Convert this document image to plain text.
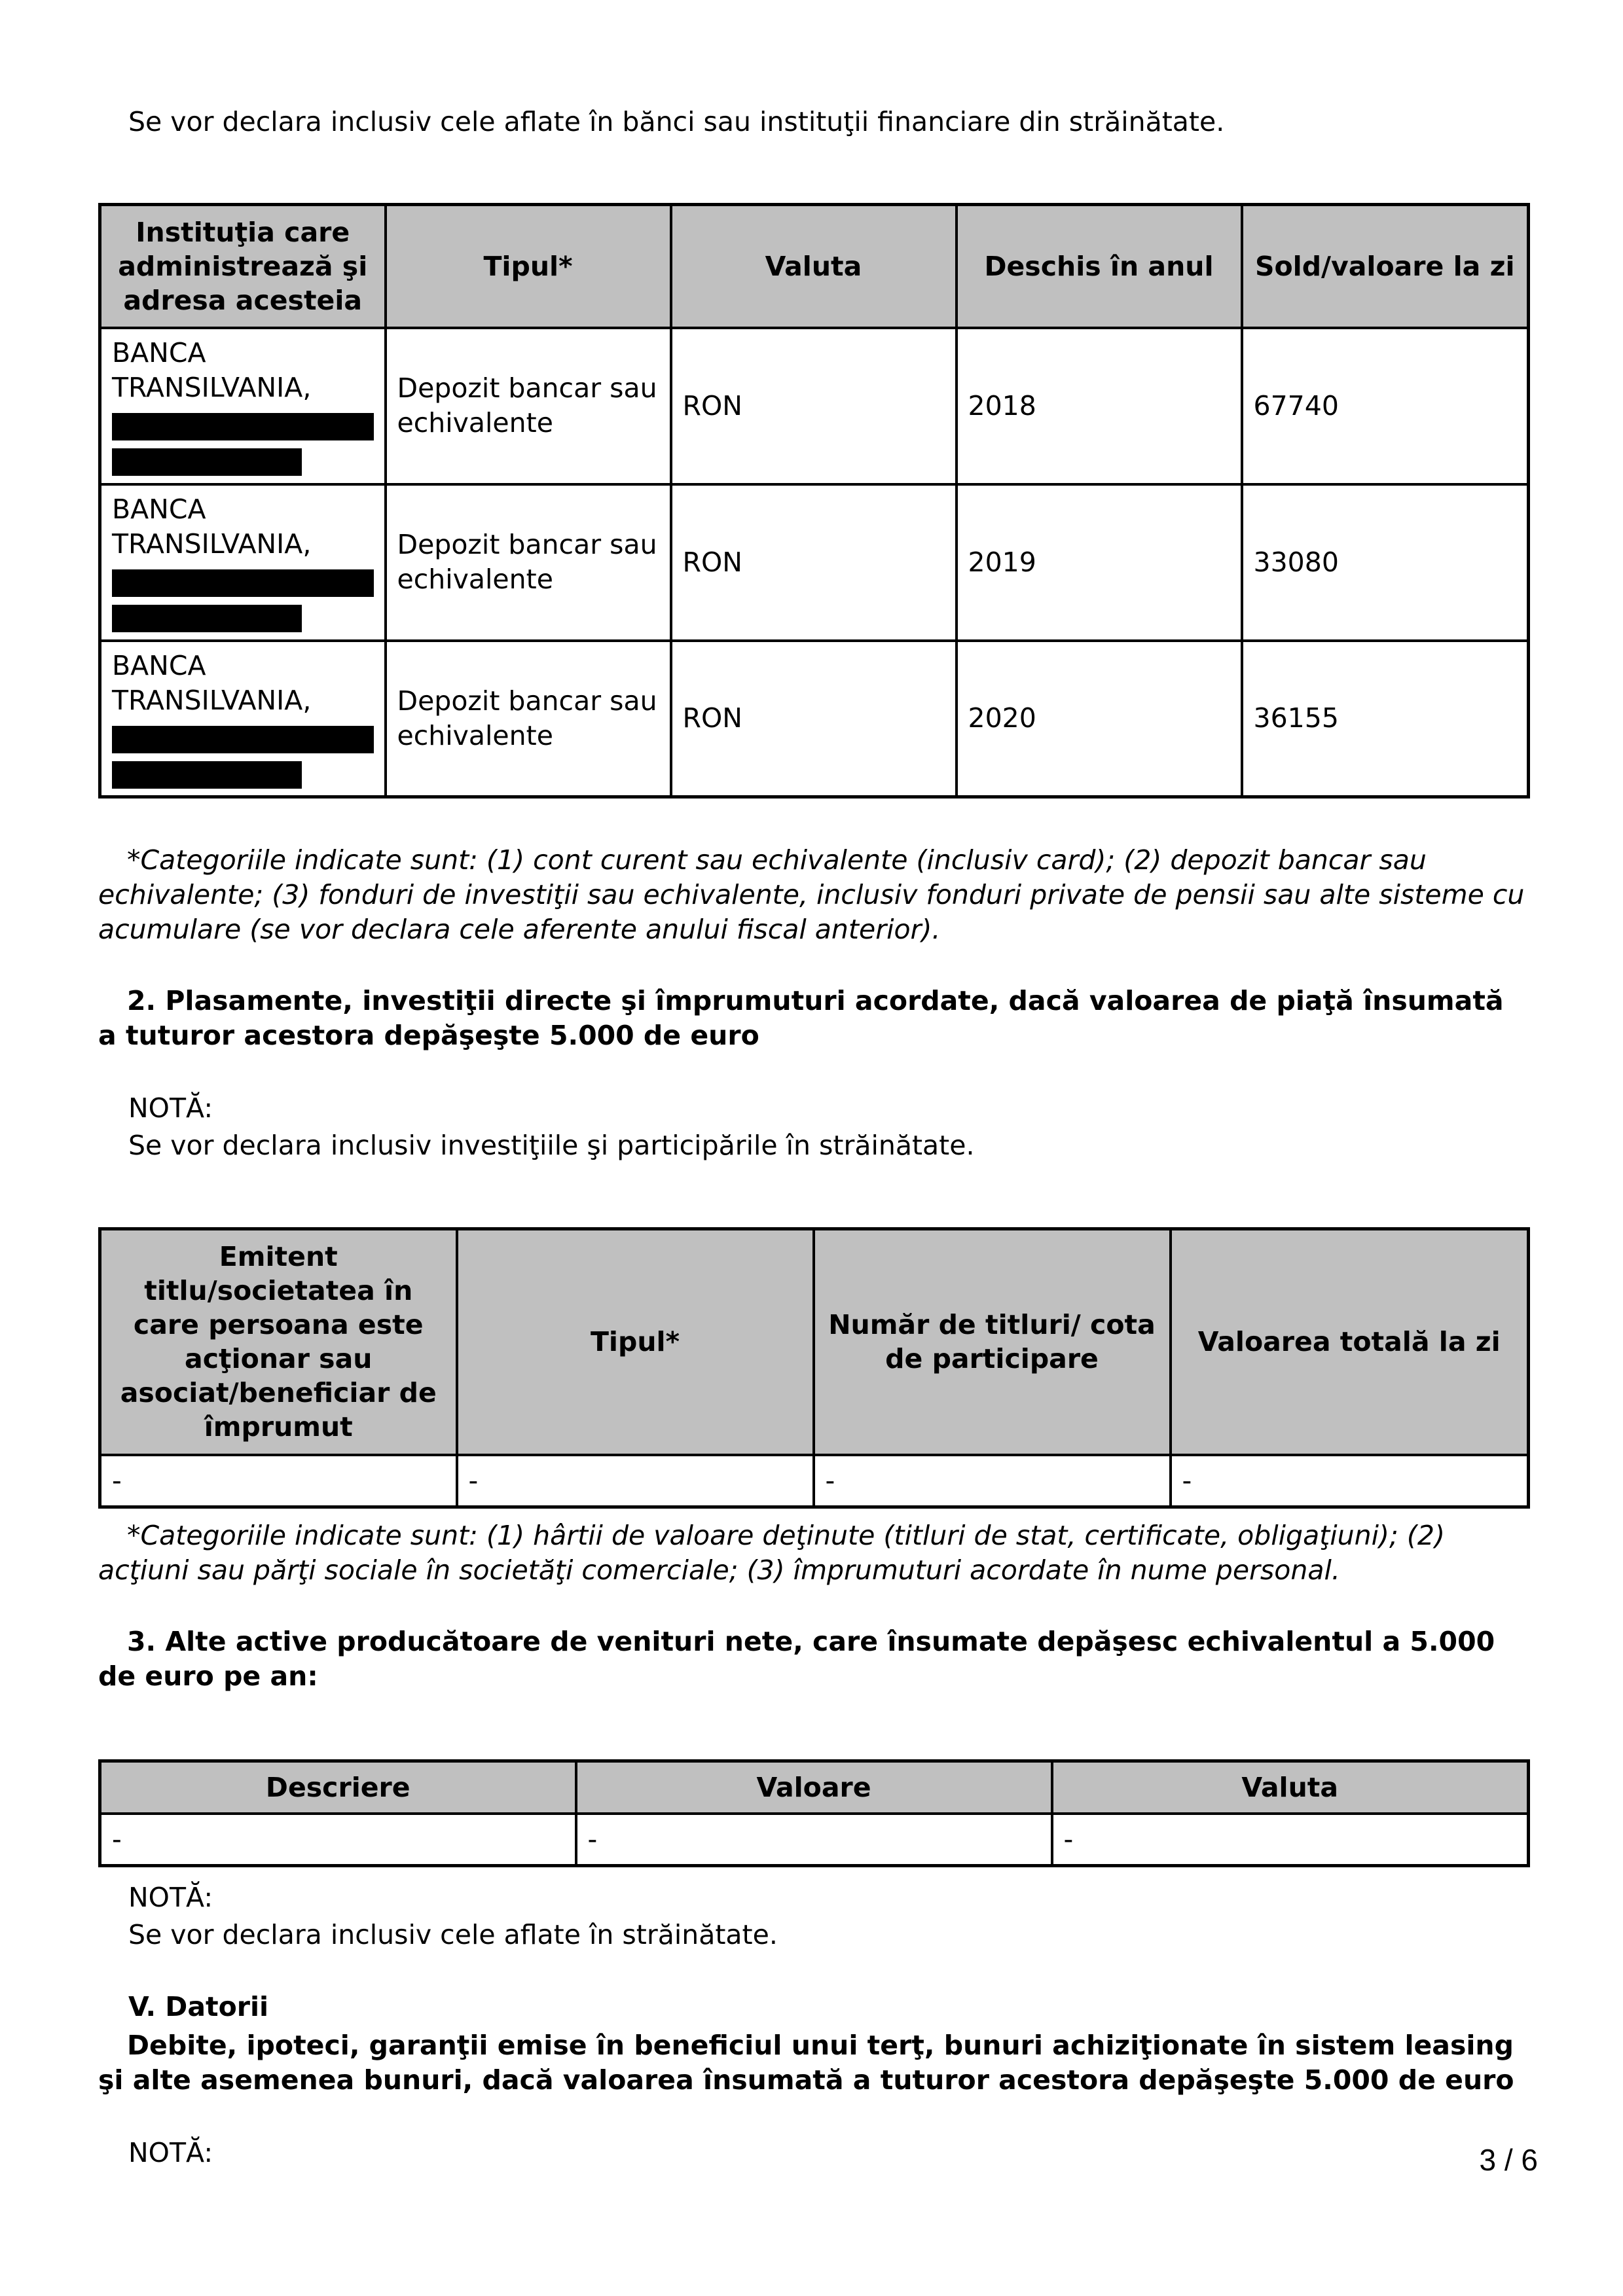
Se vor declara inclusiv cele aflate în bănci sau instituţii financiare din străinătate.
Instituţia care administrează şi adresa acesteia	Tipul*	Valuta	Deschis în anul	Sold/valoare la zi
BANCA TRANSILVANIA,	Depozit bancar sau echivalente	RON	2018	67740
BANCA TRANSILVANIA,	Depozit bancar sau echivalente	RON	2019	33080
BANCA TRANSILVANIA,	Depozit bancar sau echivalente	RON	2020	36155
*Categoriile indicate sunt: (1) cont curent sau echivalente (inclusiv card); (2) depozit bancar sau echivalente; (3) fonduri de investiţii sau echivalente, inclusiv fonduri private de pensii sau alte sisteme cu acumulare (se vor declara cele aferente anului fiscal anterior).
2. Plasamente, investiţii directe şi împrumuturi acordate, dacă valoarea de piaţă însumată a tuturor acestora depăşeşte 5.000 de euro
NOTĂ:
Se vor declara inclusiv investiţiile şi participările în străinătate.
Emitent titlu/societatea în care persoana este acţionar sau asociat/beneficiar de împrumut	Tipul*	Număr de titluri/ cota de participare	Valoarea totală la zi
-	-	-	-
*Categoriile indicate sunt: (1) hârtii de valoare deţinute (titluri de stat, certificate, obligaţiuni); (2) acţiuni sau părţi sociale în societăţi comerciale; (3) împrumuturi acordate în nume personal.
3. Alte active producătoare de venituri nete, care însumate depăşesc echivalentul a 5.000 de euro pe an:
Descriere	Valoare	Valuta
-	-	-
NOTĂ:
Se vor declara inclusiv cele aflate în străinătate.
V. Datorii
Debite, ipoteci, garanţii emise în beneficiul unui terţ, bunuri achiziţionate în sistem leasing şi alte asemenea bunuri, dacă valoarea însumată a tuturor acestora depăşeşte 5.000 de euro
NOTĂ:	3 / 6
